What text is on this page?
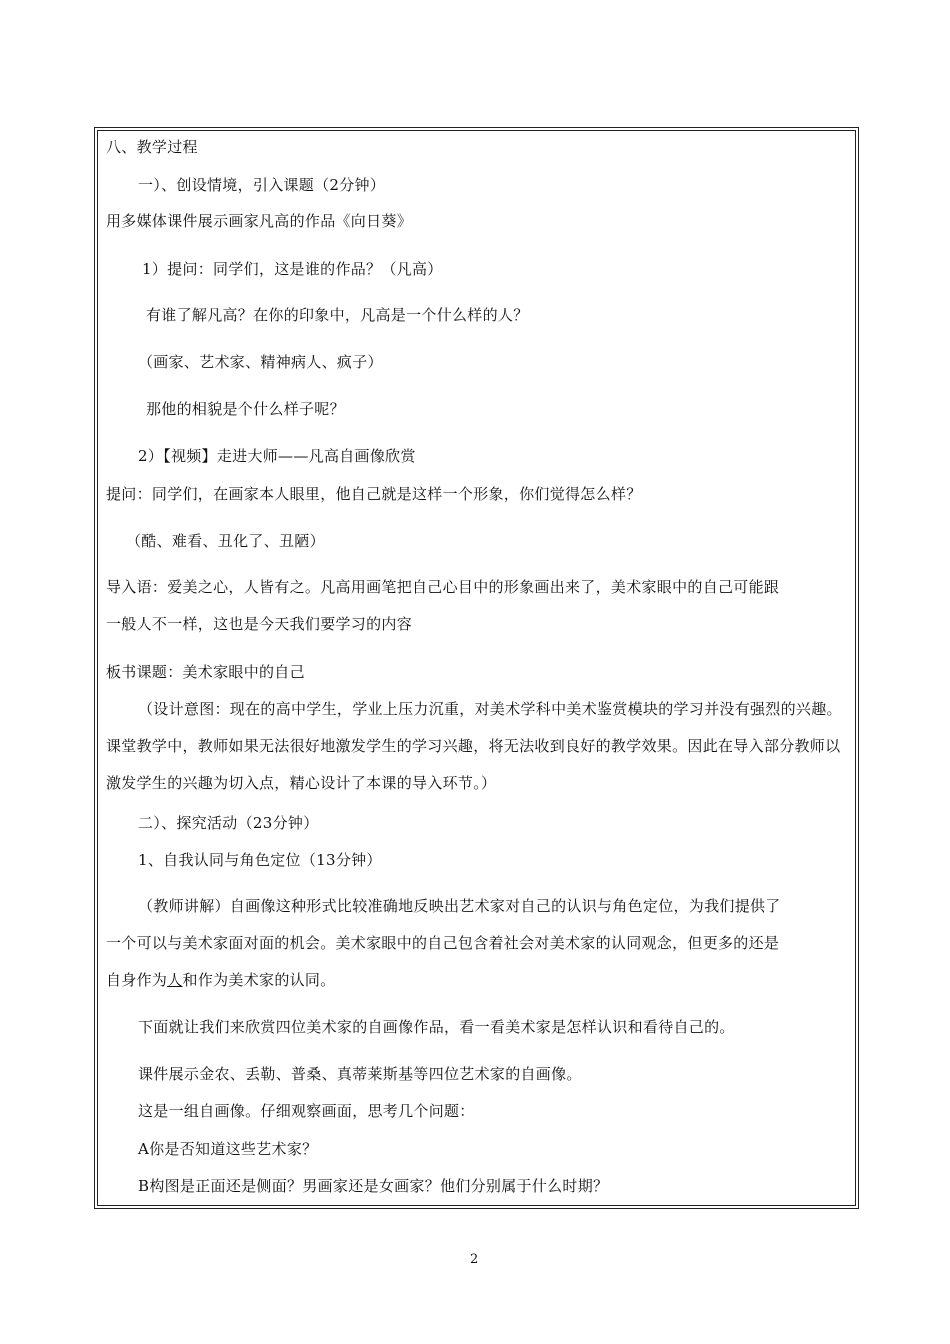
八、教学过程
一）、创设情境，引入课题（2分钟）
用多媒体课件展示画家凡高的作品《向日葵》
1）提问：同学们，这是谁的作品？（凡高）
有谁了解凡高？在你的印象中，凡高是一个什么样的人？
（画家、艺术家、精神病人、疯子）
那他的相貌是个什么样子呢？
2）【视频】走进大师——凡高自画像欣赏
提问：同学们，在画家本人眼里，他自己就是这样一个形象，你们觉得怎么样？
（酷、难看、丑化了、丑陋）
导入语：爱美之心，人皆有之。凡高用画笔把自己心目中的形象画出来了，美术家眼中的自己可能跟
一般人不一样，这也是今天我们要学习的内容
板书课题：美术家眼中的自己
（设计意图：现在的高中学生，学业上压力沉重，对美术学科中美术鉴赏模块的学习并没有强烈的兴趣。课堂教学中，教师如果无法很好地激发学生的学习兴趣，将无法收到良好的教学效果。因此在导入部分教师以激发学生的兴趣为切入点，精心设计了本课的导入环节。）
二）、探究活动（23分钟）
1、自我认同与角色定位（13分钟）
（教师讲解）自画像这种形式比较准确地反映出艺术家对自己的认识与角色定位，为我们提供了
一个可以与美术家面对面的机会。美术家眼中的自己包含着社会对美术家的认同观念，但更多的还是
自身作为人和作为美术家的认同。
下面就让我们来欣赏四位美术家的自画像作品，看一看美术家是怎样认识和看待自己的。
课件展示金农、丢勒、普桑、真蒂莱斯基等四位艺术家的自画像。
这是一组自画像。仔细观察画面，思考几个问题：
A你是否知道这些艺术家？
B构图是正面还是侧面？男画家还是女画家？他们分别属于什么时期？
2
